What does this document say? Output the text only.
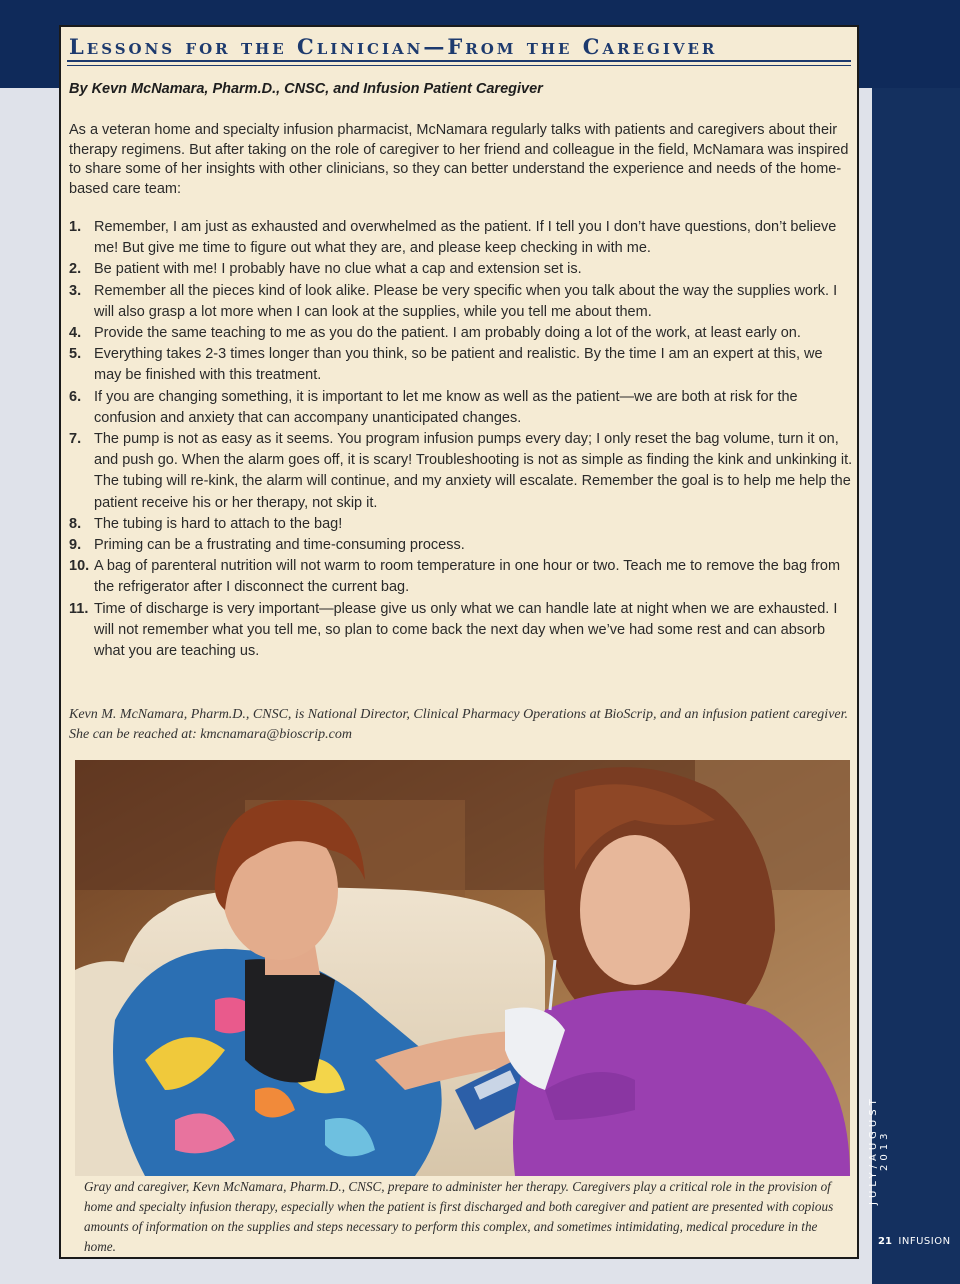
JULY/AUGUST 2013
21 INFUSION
Lessons for the Clinician—From the Caregiver

By Kevn McNamara, Pharm.D., CNSC, and Infusion Patient Caregiver

As a veteran home and specialty infusion pharmacist, McNamara regularly talks with patients and caregivers about their therapy regimens. But after taking on the role of caregiver to her friend and colleague in the field, McNamara was inspired to share some of her insights with other clinicians, so they can better understand the experience and needs of the home-based care team:

1. Remember, I am just as exhausted and overwhelmed as the patient. If I tell you I don’t have questions, don’t believe me! But give me time to figure out what they are, and please keep checking in with me.
2. Be patient with me! I probably have no clue what a cap and extension set is.
3. Remember all the pieces kind of look alike. Please be very specific when you talk about the way the supplies work. I will also grasp a lot more when I can look at the supplies, while you tell me about them.
4. Provide the same teaching to me as you do the patient. I am probably doing a lot of the work, at least early on.
5. Everything takes 2-3 times longer than you think, so be patient and realistic. By the time I am an expert at this, we may be finished with this treatment.
6. If you are changing something, it is important to let me know as well as the patient—we are both at risk for the confusion and anxiety that can accompany unanticipated changes.
7. The pump is not as easy as it seems. You program infusion pumps every day; I only reset the bag volume, turn it on, and push go. When the alarm goes off, it is scary! Troubleshooting is not as simple as finding the kink and unkinking it. The tubing will re-kink, the alarm will continue, and my anxiety will escalate. Remember the goal is to help me help the patient receive his or her therapy, not skip it.
8. The tubing is hard to attach to the bag!
9. Priming can be a frustrating and time-consuming process.
10. A bag of parenteral nutrition will not warm to room temperature in one hour or two. Teach me to remove the bag from the refrigerator after I disconnect the current bag.
11. Time of discharge is very important—please give us only what we can handle late at night when we are exhausted. I will not remember what you tell me, so plan to come back the next day when we’ve had some rest and can absorb what you are teaching us.

Kevn M. McNamara, Pharm.D., CNSC, is National Director, Clinical Pharmacy Operations at BioScrip, and an infusion patient caregiver. She can be reached at: kmcnamara@bioscrip.com

Gray and caregiver, Kevn McNamara, Pharm.D., CNSC, prepare to administer her therapy. Caregivers play a critical role in the provision of home and specialty infusion therapy, especially when the patient is first discharged and both caregiver and patient are presented with copious amounts of information on the supplies and steps necessary to perform this complex, and sometimes intimidating, medical procedure in the home.
